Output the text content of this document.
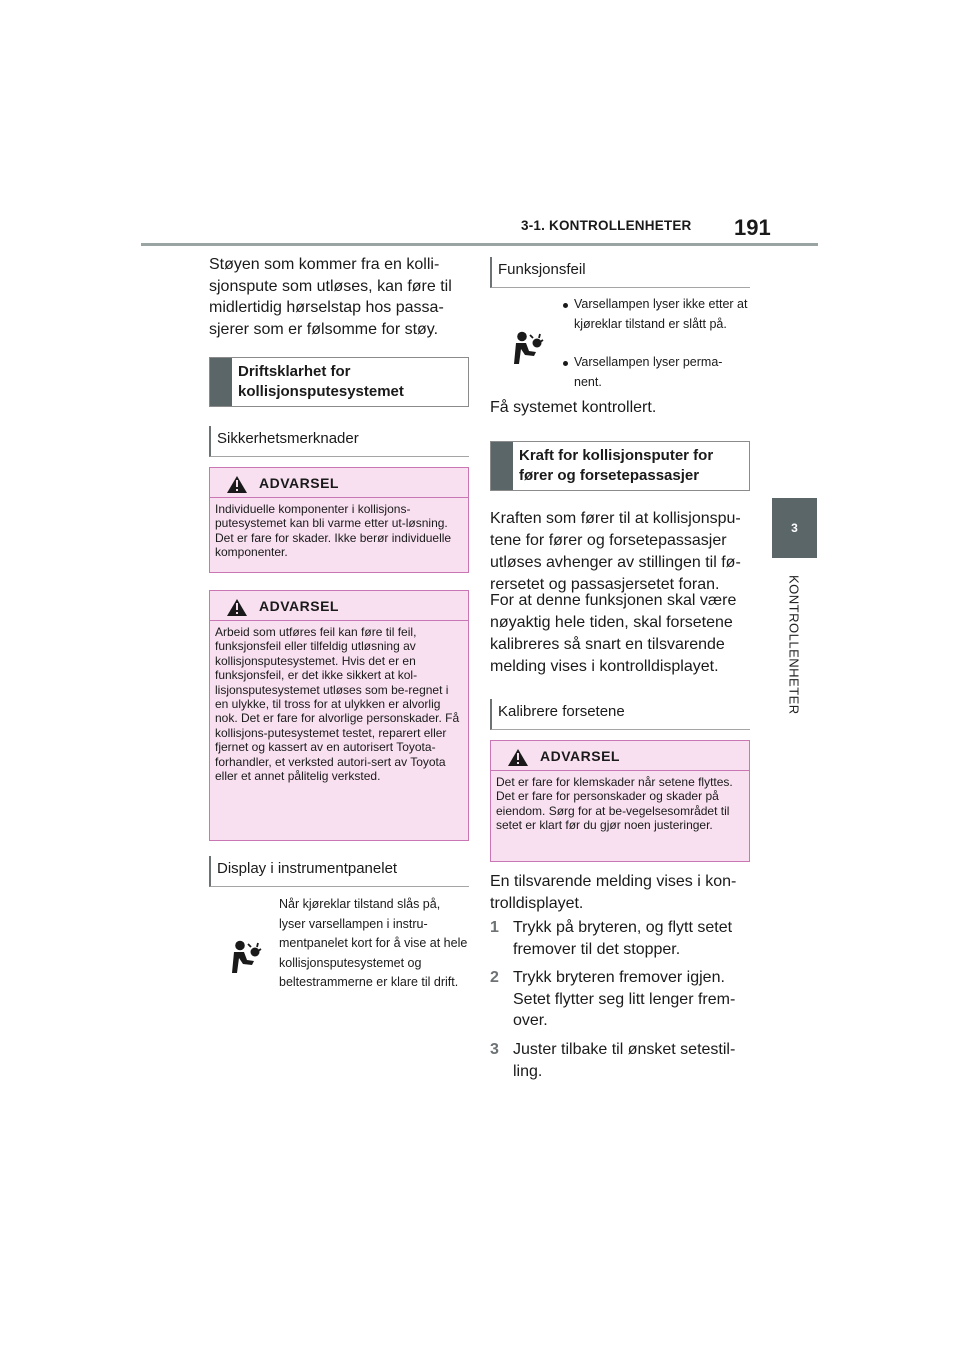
3-1. KONTROLLENHETER 191
3
KONTROLLENHETER
Støyen som kommer fra en kolli-sjonspute som utløses, kan føre til midlertidig hørselstap hos passa-sjerer som er følsomme for støy.
Driftsklarhet for kollisjonsputesystemet
Sikkerhetsmerknader
ADVARSEL
Individuelle komponenter i kollisjons-putesystemet kan bli varme etter ut-løsning. Det er fare for skader. Ikke berør individuelle komponenter.
ADVARSEL
Arbeid som utføres feil kan føre til feil, funksjonsfeil eller tilfeldig utløsning av kollisjonsputesystemet. Hvis det er en funksjonsfeil, er det ikke sikkert at kol-lisjonsputesystemet utløses som be-regnet i en ulykke, til tross for at ulykken er alvorlig nok. Det er fare for alvorlige personskader. Få kollisjons-putesystemet testet, reparert eller fjernet og kassert av en autorisert Toyota-forhandler, et verksted autori-sert av Toyota eller et annet pålitelig verksted.
Display i instrumentpanelet
Når kjøreklar tilstand slås på, lyser varsellampen i instru-mentpanelet kort for å vise at hele kollisjonsputesystemet og beltestrammerne er klare til drift.
Funksjonsfeil
Varsellampen lyser ikke etter at kjøreklar tilstand er slått på.
Varsellampen lyser perma-nent.
Få systemet kontrollert.
Kraft for kollisjonsputer for fører og forsetepassasjer
Kraften som fører til at kollisjonspu-tene for fører og forsetepassasjer utløses avhenger av stillingen til fø-rersetet og passasjersetet foran.
For at denne funksjonen skal være nøyaktig hele tiden, skal forsetene kalibreres så snart en tilsvarende melding vises i kontrolldisplayet.
Kalibrere forsetene
ADVARSEL
Det er fare for klemskader når setene flyttes. Det er fare for personskader og skader på eiendom. Sørg for at be-vegelsesområdet til setet er klart før du gjør noen justeringer.
En tilsvarende melding vises i kon-trolldisplayet.
1 Trykk på bryteren, og flytt setet fremover til det stopper.
2 Trykk bryteren fremover igjen. Setet flytter seg litt lenger frem-over.
3 Juster tilbake til ønsket setestil-ling.
